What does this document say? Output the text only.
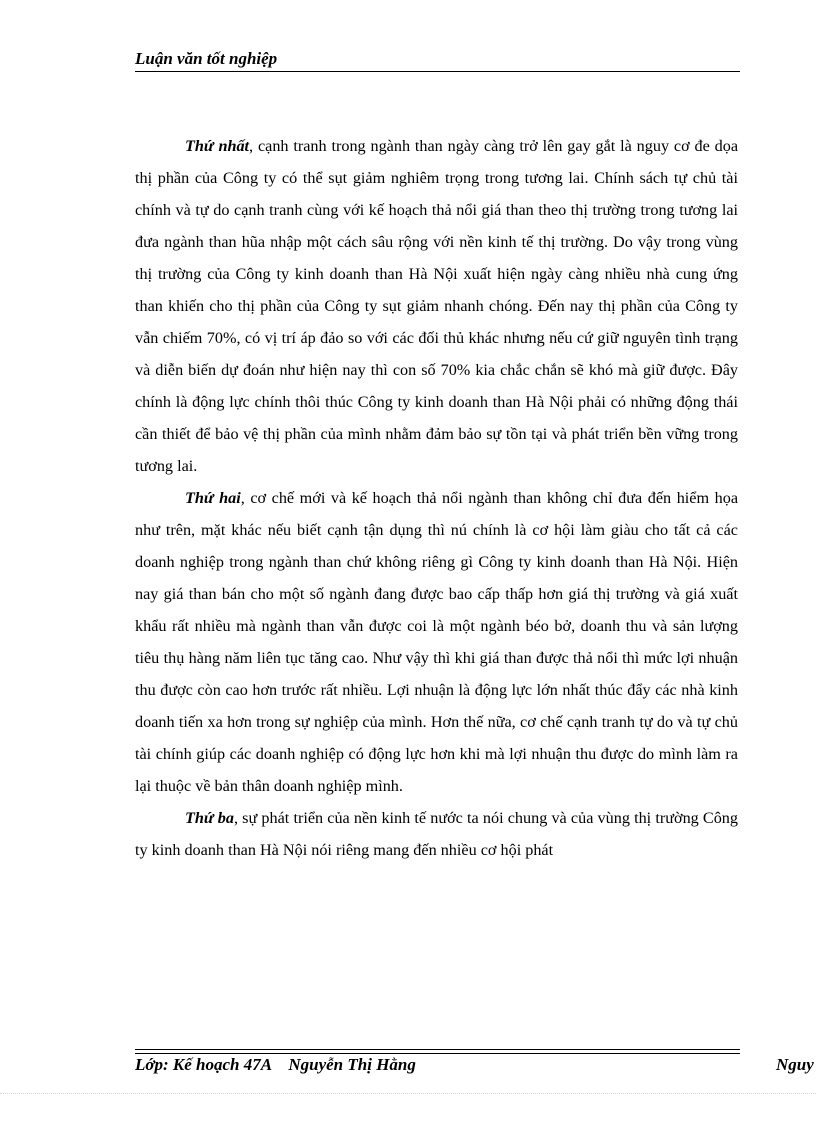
Luận văn tốt nghiệp

Thứ nhất, cạnh tranh trong ngành than ngày càng trở lên gay gắt là nguy cơ đe dọa thị phần của Công ty có thể sụt giảm nghiêm trọng trong tương lai. Chính sách tự chủ tài chính và tự do cạnh tranh cùng với kế hoạch thả nổi giá than theo thị trường trong tương lai đưa ngành than hũa nhập một cách sâu rộng với nền kinh tế thị trường. Do vậy trong vùng thị trường của Công ty kinh doanh than Hà Nội xuất hiện ngày càng nhiều nhà cung ứng than khiến cho thị phần của Công ty sụt giảm nhanh chóng. Đến nay thị phần của Công ty vẫn chiếm 70%, có vị trí áp đảo so với các đối thủ khác nhưng nếu cứ giữ nguyên tình trạng và diễn biến dự đoán như hiện nay thì con số 70% kia chắc chắn sẽ khó mà giữ được. Đây chính là động lực chính thôi thúc Công ty kinh doanh than Hà Nội phải có những động thái cần thiết để bảo vệ thị phần của mình nhằm đảm bảo sự tồn tại và phát triển bền vững trong tương lai.

Thứ hai, cơ chế mới và kế hoạch thả nổi ngành than không chỉ đưa đến hiểm họa như trên, mặt khác nếu biết cạnh tận dụng thì nú chính là cơ hội làm giàu cho tất cả các doanh nghiệp trong ngành than chứ không riêng gì Công ty kinh doanh than Hà Nội. Hiện nay giá than bán cho một số ngành đang được bao cấp thấp hơn giá thị trường và giá xuất khẩu rất nhiều mà ngành than vẫn được coi là một ngành béo bở, doanh thu và sản lượng tiêu thụ hàng năm liên tục tăng cao. Như vậy thì khi giá than được thả nổi thì mức lợi nhuận thu được còn cao hơn trước rất nhiều. Lợi nhuận là động lực lớn nhất thúc đẩy các nhà kinh doanh tiến xa hơn trong sự nghiệp của mình. Hơn thế nữa, cơ chế cạnh tranh tự do và tự chủ tài chính giúp các doanh nghiệp có động lực hơn khi mà lợi nhuận thu được do mình làm ra lại thuộc về bản thân doanh nghiệp mình.

Thứ ba, sự phát triển của nền kinh tế nước ta nói chung và của vùng thị trường Công ty kinh doanh than Hà Nội nói riêng mang đến nhiều cơ hội phát

Lớp: Kế hoạch 47A Nguyễn Thị Hằng	Nguy
